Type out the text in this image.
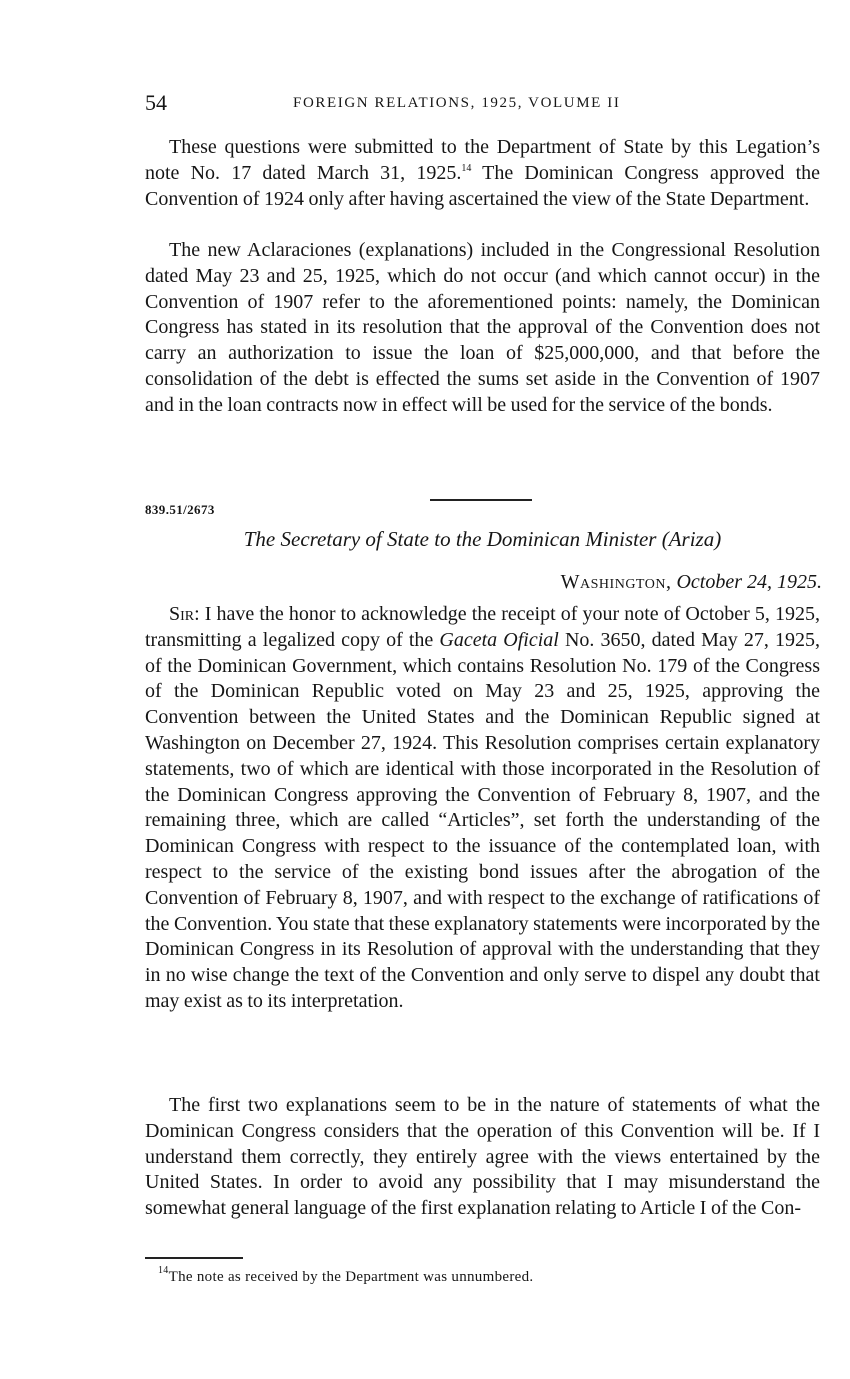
54	FOREIGN RELATIONS, 1925, VOLUME II

These questions were submitted to the Department of State by this Legation’s note No. 17 dated March 31, 1925.14 The Dominican Congress approved the Convention of 1924 only after having ascertained the view of the State Department.

The new Aclaraciones (explanations) included in the Congressional Resolution dated May 23 and 25, 1925, which do not occur (and which cannot occur) in the Convention of 1907 refer to the aforementioned points: namely, the Dominican Congress has stated in its resolution that the approval of the Convention does not carry an authorization to issue the loan of $25,000,000, and that before the consolidation of the debt is effected the sums set aside in the Convention of 1907 and in the loan contracts now in effect will be used for the service of the bonds.

839.51/2673

The Secretary of State to the Dominican Minister (Ariza)

Washington, October 24, 1925.

Sir: I have the honor to acknowledge the receipt of your note of October 5, 1925, transmitting a legalized copy of the Gaceta Oficial No. 3650, dated May 27, 1925, of the Dominican Government, which contains Resolution No. 179 of the Congress of the Dominican Republic voted on May 23 and 25, 1925, approving the Convention between the United States and the Dominican Republic signed at Washington on December 27, 1924. This Resolution comprises certain explanatory statements, two of which are identical with those incorporated in the Resolution of the Dominican Congress approving the Convention of February 8, 1907, and the remaining three, which are called “Articles”, set forth the understanding of the Dominican Congress with respect to the issuance of the contemplated loan, with respect to the service of the existing bond issues after the abrogation of the Convention of February 8, 1907, and with respect to the exchange of ratifications of the Convention. You state that these explanatory statements were incorporated by the Dominican Congress in its Resolution of approval with the understanding that they in no wise change the text of the Convention and only serve to dispel any doubt that may exist as to its interpretation.

The first two explanations seem to be in the nature of statements of what the Dominican Congress considers that the operation of this Convention will be. If I understand them correctly, they entirely agree with the views entertained by the United States. In order to avoid any possibility that I may misunderstand the somewhat general language of the first explanation relating to Article I of the Con-

$^{14}$The note as received by the Department was unnumbered.
